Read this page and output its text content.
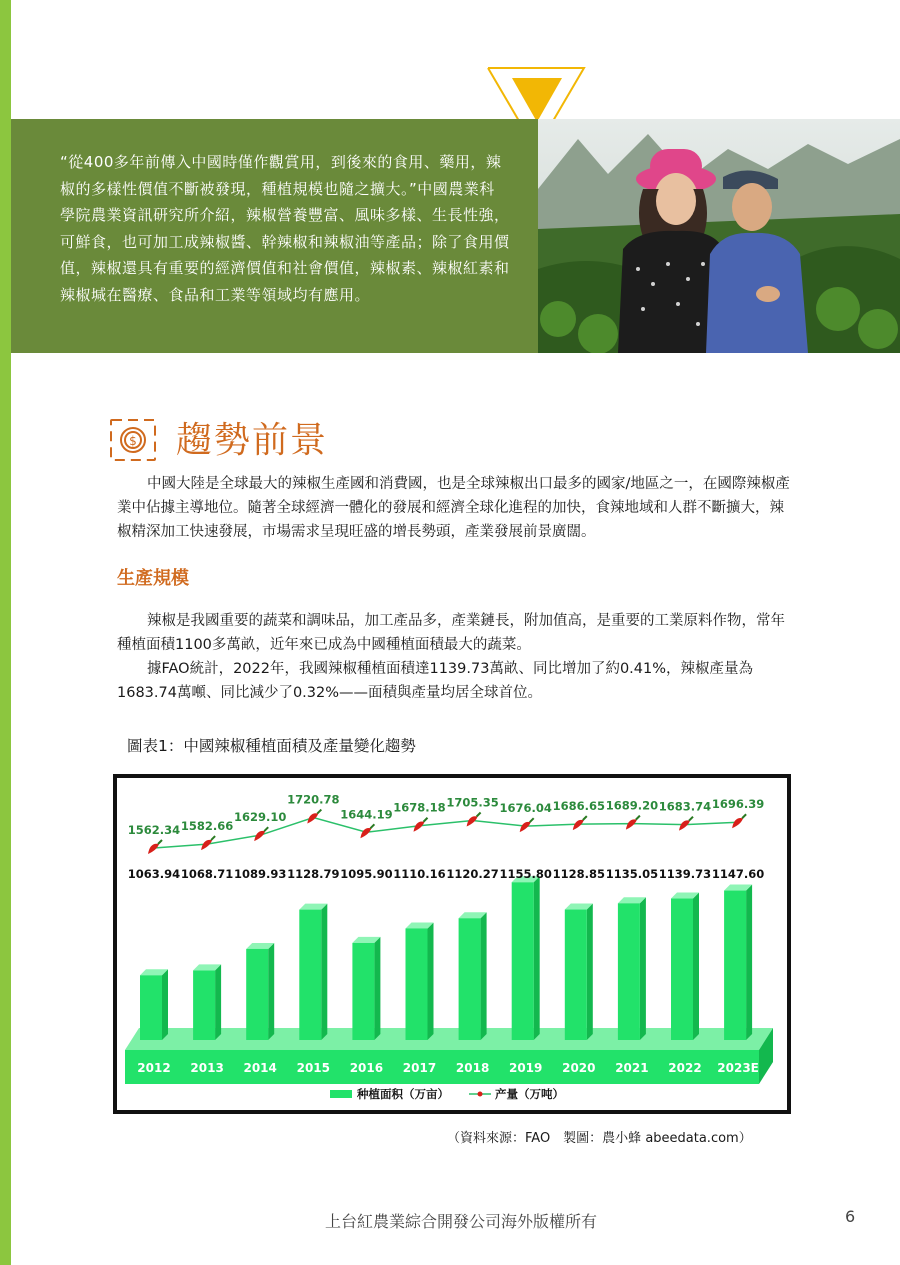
“從400多年前傳入中國時僅作觀賞用，到後來的食用、藥用，辣椒的多樣性價值不斷被發現，種植規模也隨之擴大。”中國農業科學院農業資訊研究所介紹，辣椒營養豐富、風味多樣、生長性強，可鮮食，也可加工成辣椒醬、幹辣椒和辣椒油等產品；除了食用價值，辣椒還具有重要的經濟價值和社會價值，辣椒素、辣椒紅素和辣椒堿在醫療、食品和工業等領域均有應用。
$ 趨勢前景

中國大陸是全球最大的辣椒生產國和消費國，也是全球辣椒出口最多的國家/地區之一，在國際辣椒產業中佔據主導地位。隨著全球經濟一體化的發展和經濟全球化進程的加快，食辣地域和人群不斷擴大，辣椒精深加工快速發展，市場需求呈現旺盛的增長勢頭，產業發展前景廣闊。

生產規模

辣椒是我國重要的蔬菜和調味品，加工產品多，產業鏈長，附加值高，是重要的工業原料作物，常年種植面積1100多萬畝，近年來已成為中國種植面積最大的蔬菜。

據FAO統計，2022年，我國辣椒種植面積達1139.73萬畝、同比增加了約0.41%，辣椒產量為1683.74萬噸、同比減少了0.32%——面積與產量均居全球首位。

圖表1：中國辣椒種植面積及產量變化趨勢
1063.94
2012
1068.71
2013
1089.93
2014
1128.79
2015
1095.90
2016
1110.16
2017
1120.27
2018
1155.80
2019
1128.85
2020
1135.05
2021
1139.73
2022
1147.60
2023E
1562.34 1582.66
1629.10
1720.78
1644.19 1678.18 1705.35 1676.04 1686.65 1689.20 1683.74 1696.39
种植面积（万亩）	产量（万吨）
（資料來源：FAO　製圖：農小蜂 abeedata.com）
上台紅農業綜合開發公司海外版權所有	6
